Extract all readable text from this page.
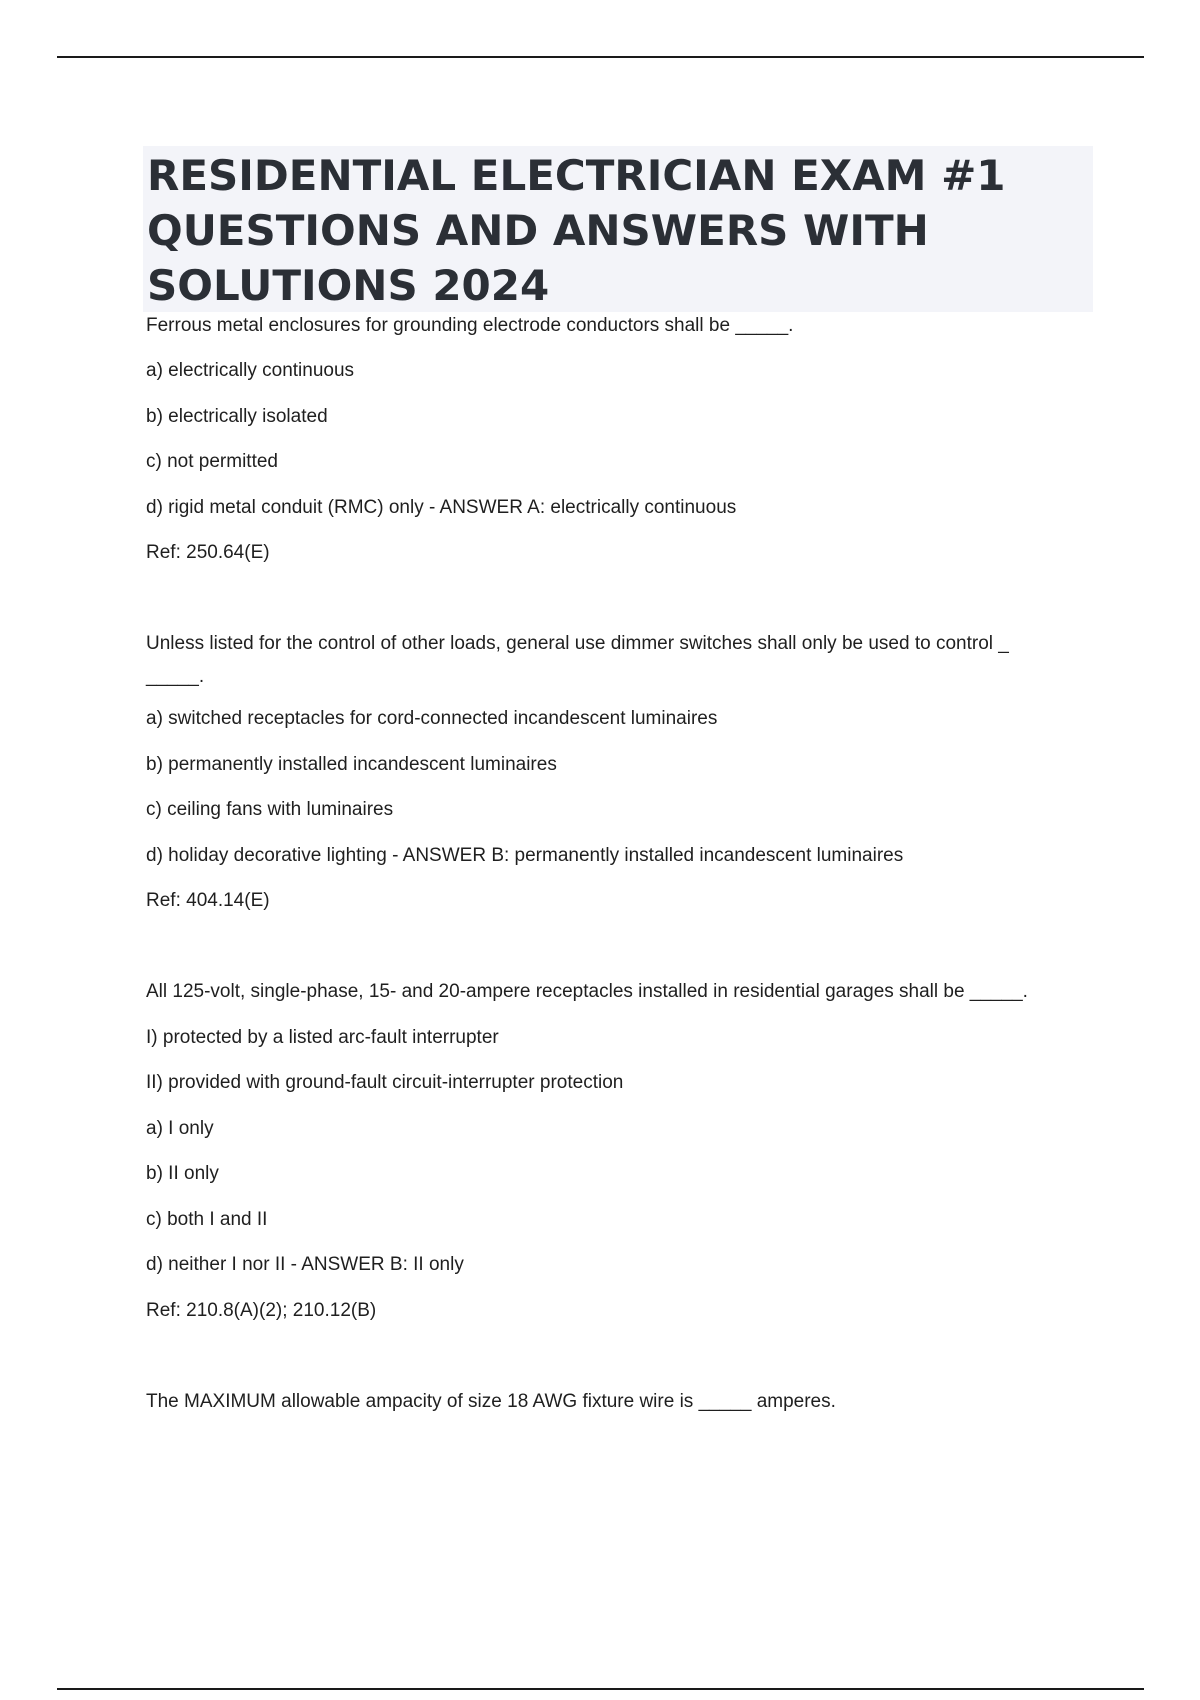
RESIDENTIAL ELECTRICIAN EXAM #1
QUESTIONS AND ANSWERS WITH
SOLUTIONS 2024
Ferrous metal enclosures for grounding electrode conductors shall be _____.
a) electrically continuous
b) electrically isolated
c) not permitted
d) rigid metal conduit (RMC) only - ANSWER A: electrically continuous
Ref: 250.64(E)
Unless listed for the control of other loads, general use dimmer switches shall only be used to control _
_____.
a) switched receptacles for cord-connected incandescent luminaires
b) permanently installed incandescent luminaires
c) ceiling fans with luminaires
d) holiday decorative lighting - ANSWER B: permanently installed incandescent luminaires
Ref: 404.14(E)
All 125-volt, single-phase, 15- and 20-ampere receptacles installed in residential garages shall be _____.
I) protected by a listed arc-fault interrupter
II) provided with ground-fault circuit-interrupter protection
a) I only
b) II only
c) both I and II
d) neither I nor II - ANSWER B: II only
Ref: 210.8(A)(2); 210.12(B)
The MAXIMUM allowable ampacity of size 18 AWG fixture wire is _____ amperes.
